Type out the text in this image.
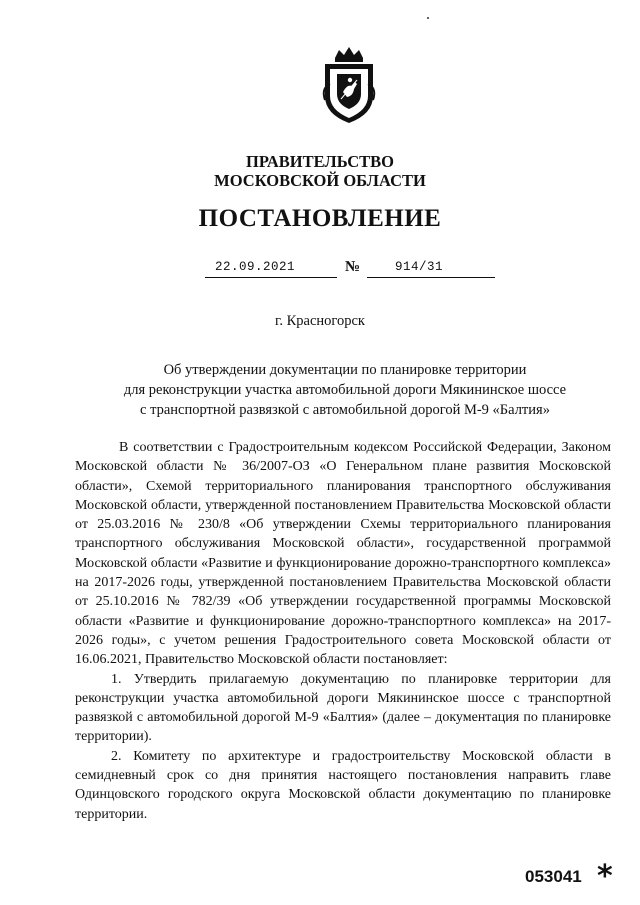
ПРАВИТЕЛЬСТВО
МОСКОВСКОЙ ОБЛАСТИ
ПОСТАНОВЛЕНИЕ
22.09.2021	№	914/31
г. Красногорск
Об утверждении документации по планировке территории
для реконструкции участка автомобильной дороги Мякининское шоссе
с транспортной развязкой с автомобильной дорогой М-9 «Балтия»

В соответствии с Градостроительным кодексом Российской Федерации, Законом Московской области № 36/2007-ОЗ «О Генеральном плане развития Московской области», Схемой территориального планирования транспортного обслуживания Московской области, утвержденной постановлением Правительства Московской области от 25.03.2016 № 230/8 «Об утверждении Схемы территориального планирования транспортного обслуживания Московской области», государственной программой Московской области «Развитие и функционирование дорожно-транспортного комплекса» на 2017-2026 годы, утвержденной постановлением Правительства Московской области от 25.10.2016 № 782/39 «Об утверждении государственной программы Московской области «Развитие и функционирование дорожно-транспортного комплекса» на 2017-2026 годы», с учетом решения Градостроительного совета Московской области от 16.06.2021, Правительство Московской области постановляет:

1. Утвердить прилагаемую документацию по планировке территории для реконструкции участка автомобильной дороги Мякининское шоссе с транспортной развязкой с автомобильной дорогой М-9 «Балтия» (далее – документация по планировке территории).

2. Комитету по архитектуре и градостроительству Московской области в семидневный срок со дня принятия настоящего постановления направить главе Одинцовского городского округа Московской области документацию по планировке территории.

053041 *
